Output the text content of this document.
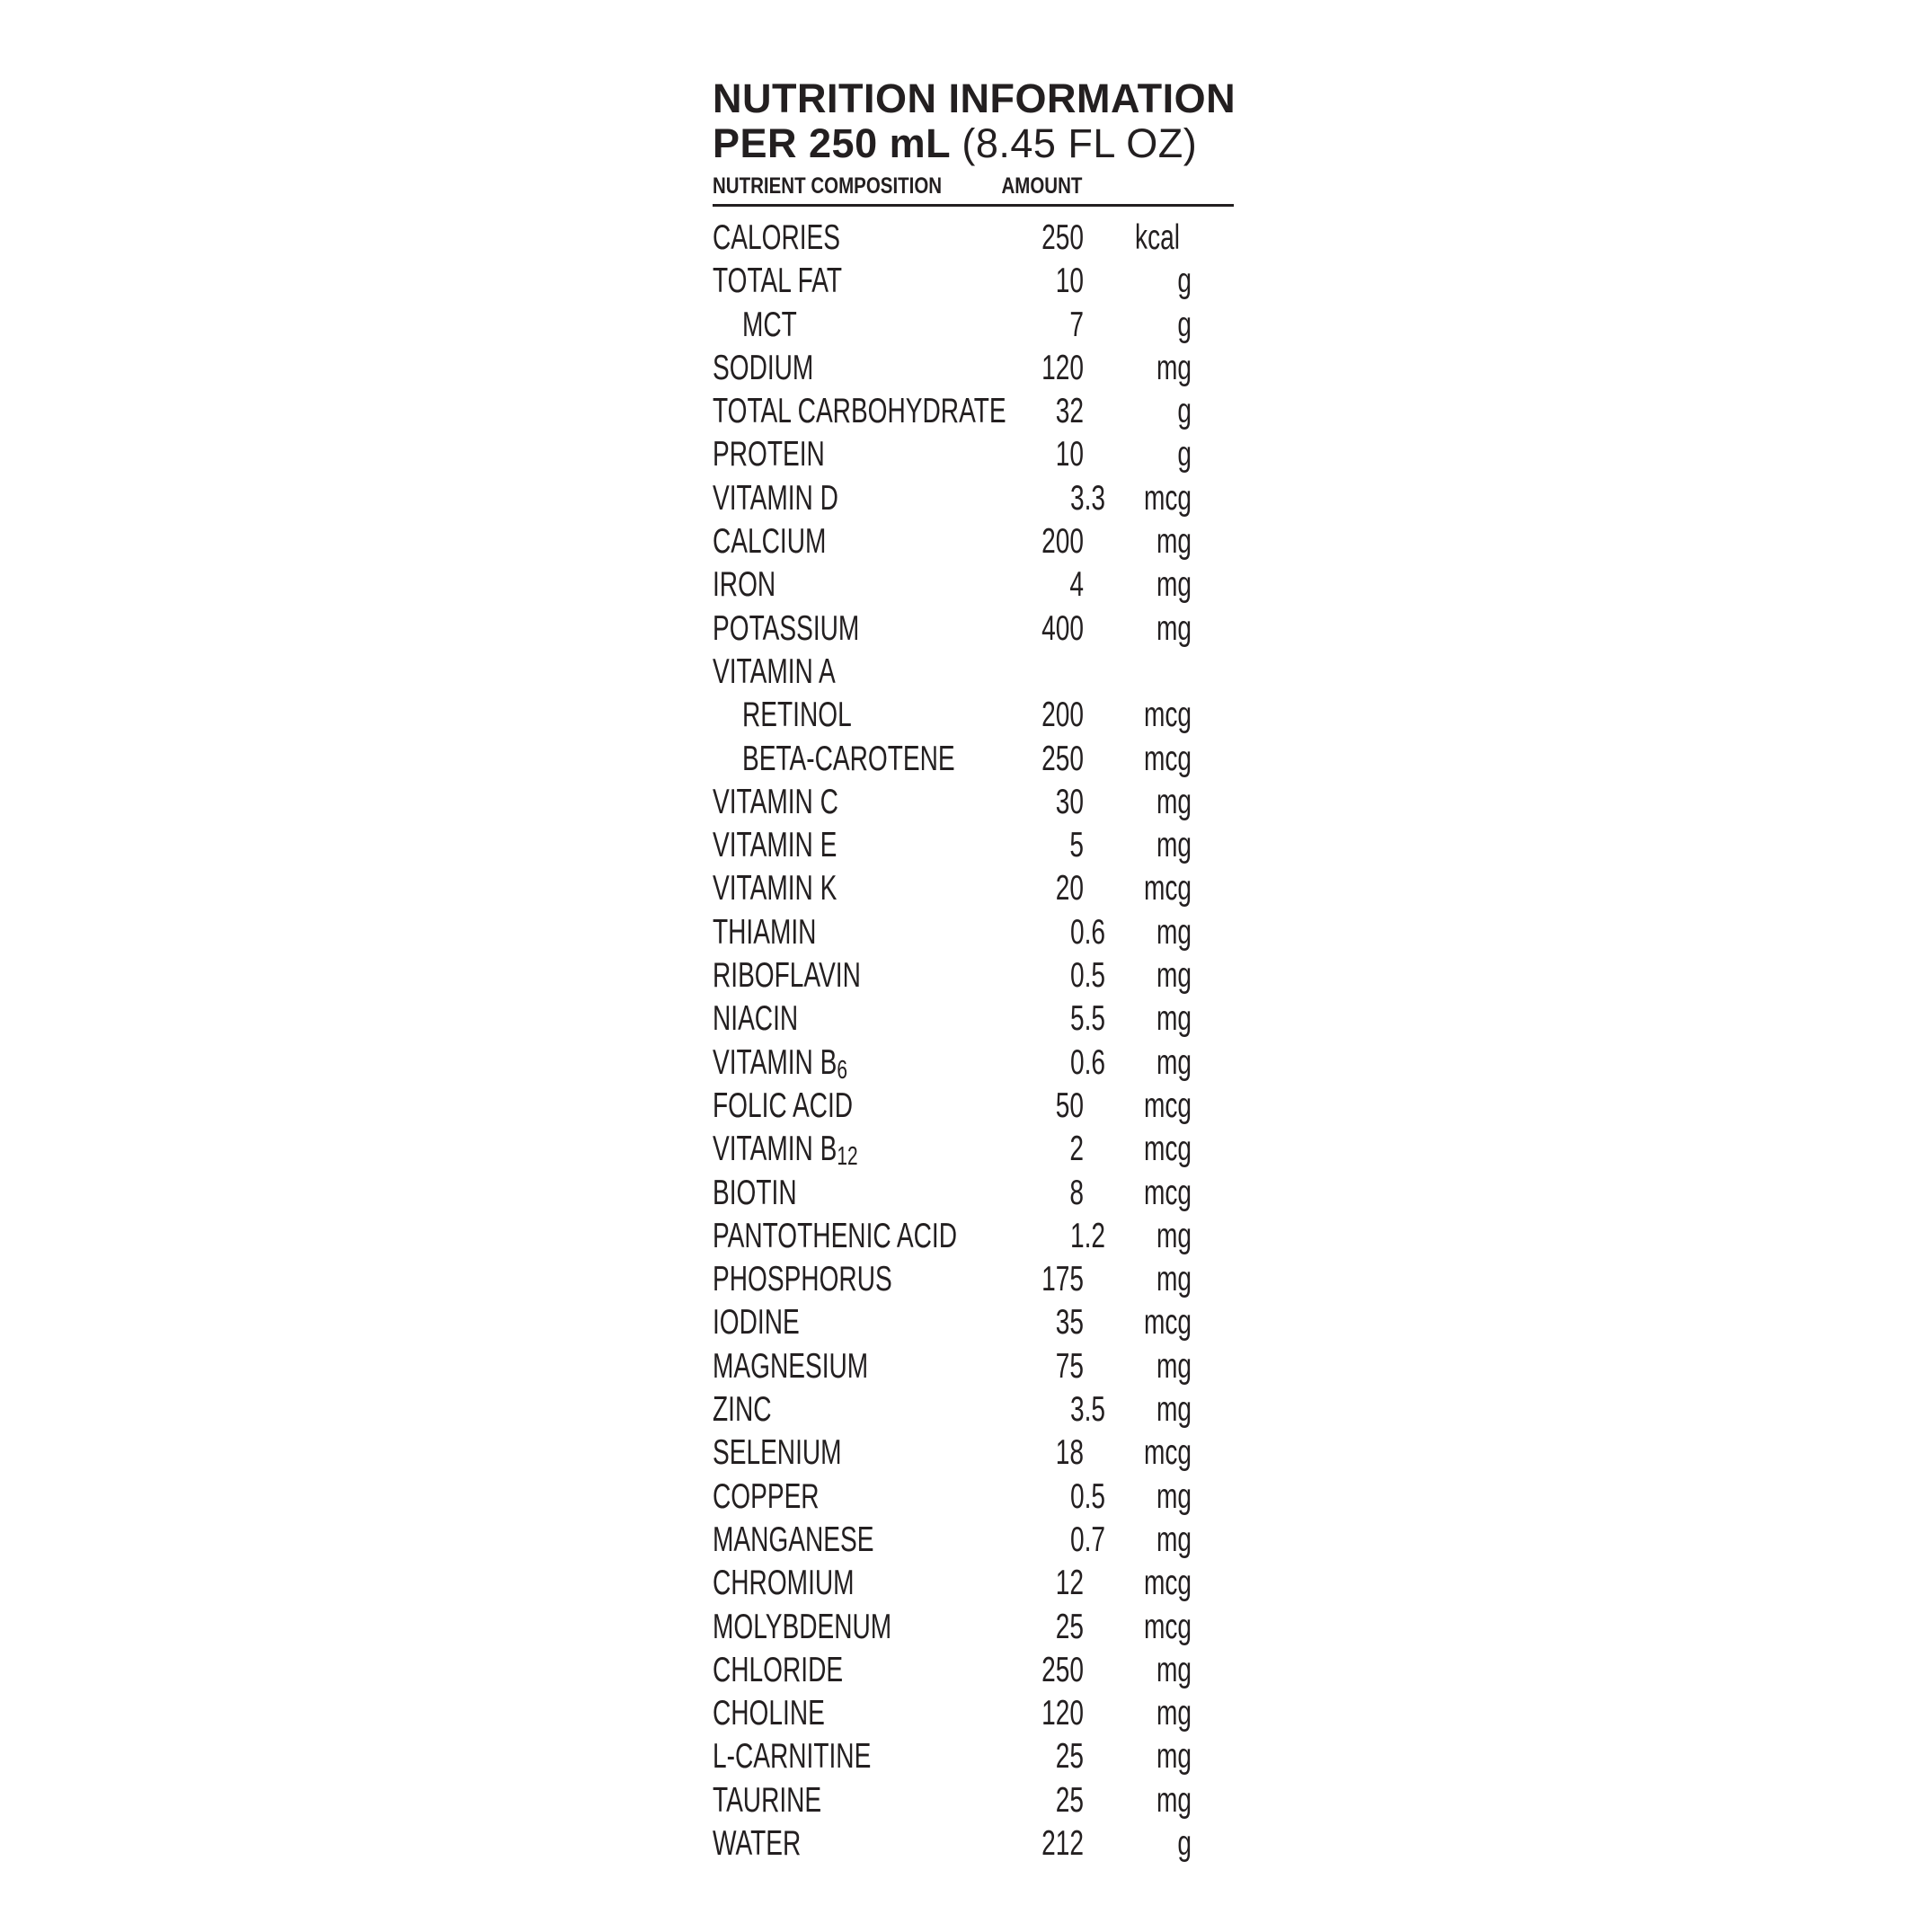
NUTRITION INFORMATION
PER 250 mL (8.45 FL OZ)
NUTRIENT COMPOSITION	AMOUNT
CALORIES	250	kcal
TOTAL FAT	10	g
MCT	7	g
SODIUM	120	mg
TOTAL CARBOHYDRATE	32	g
PROTEIN	10	g
VITAMIN D	3.3	mcg
CALCIUM	200	mg
IRON	4	mg
POTASSIUM	400	mg
VITAMIN A
RETINOL	200	mcg
BETA-CAROTENE	250	mcg
VITAMIN C	30	mg
VITAMIN E	5	mg
VITAMIN K	20	mcg
THIAMIN	0.6	mg
RIBOFLAVIN	0.5	mg
NIACIN	5.5	mg
VITAMIN $B_6$	0.6	mg
FOLIC ACID	50	mcg
VITAMIN $B_{12}$	2	mcg
BIOTIN	8	mcg
PANTOTHENIC ACID	1.2	mg
PHOSPHORUS	175	mg
IODINE	35	mcg
MAGNESIUM	75	mg
ZINC	3.5	mg
SELENIUM	18	mcg
COPPER	0.5	mg
MANGANESE	0.7	mg
CHROMIUM	12	mcg
MOLYBDENUM	25	mcg
CHLORIDE	250	mg
CHOLINE	120	mg
L-CARNITINE	25	mg
TAURINE	25	mg
WATER	212	g
